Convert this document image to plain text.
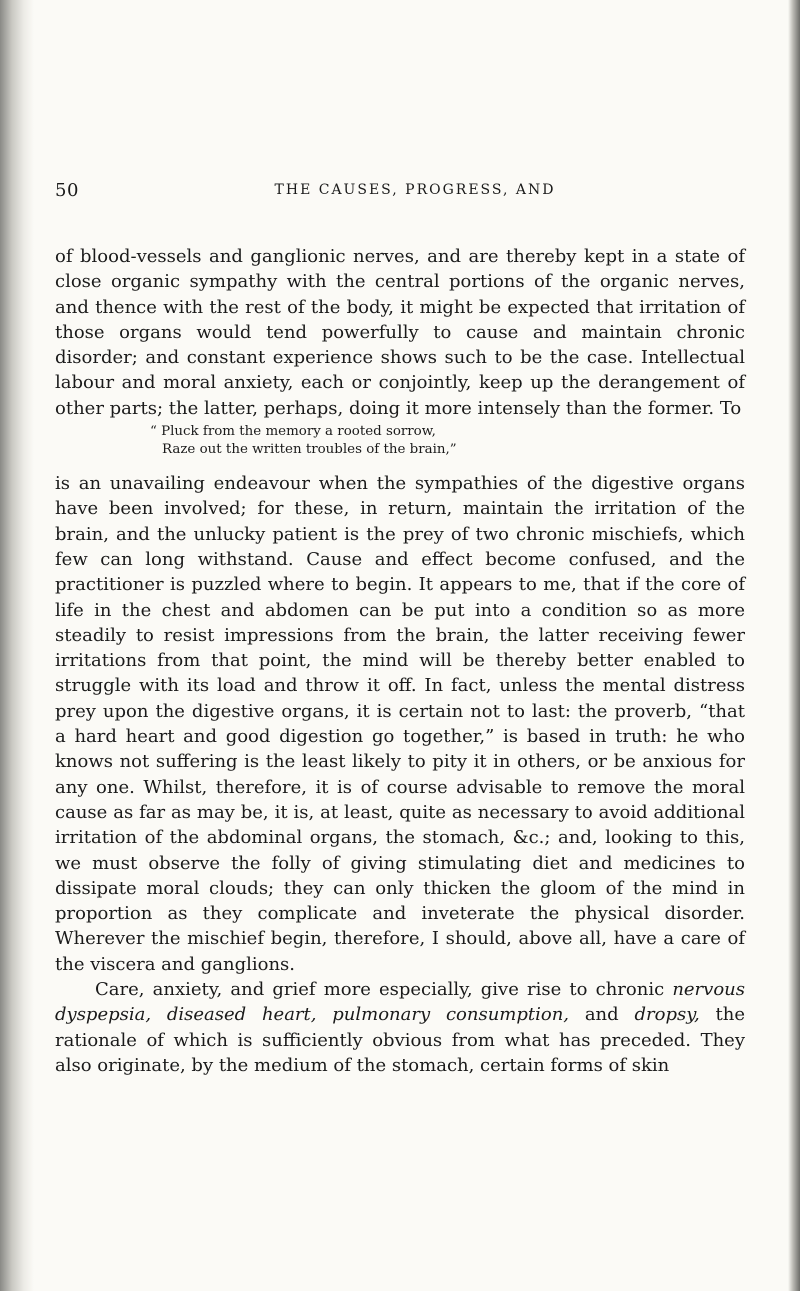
50	THE CAUSES, PROGRESS, AND

of blood-vessels and ganglionic nerves, and are thereby kept in a state of close organic sympathy with the central portions of the organic nerves, and thence with the rest of the body, it might be expected that irritation of those organs would tend powerfully to cause and maintain chronic disorder; and constant experience shows such to be the case. Intellectual labour and moral anxiety, each or conjointly, keep up the derangement of other parts; the latter, perhaps, doing it more intensely than the former. To

“ Pluck from the memory a rooted sorrow,
Raze out the written troubles of the brain,”

is an unavailing endeavour when the sympathies of the digestive organs have been involved; for these, in return, maintain the irritation of the brain, and the unlucky patient is the prey of two chronic mischiefs, which few can long withstand. Cause and effect become confused, and the practitioner is puzzled where to begin. It appears to me, that if the core of life in the chest and abdomen can be put into a condition so as more steadily to resist impressions from the brain, the latter receiving fewer irritations from that point, the mind will be thereby better enabled to struggle with its load and throw it off. In fact, unless the mental distress prey upon the digestive organs, it is certain not to last: the proverb, “that a hard heart and good digestion go together,” is based in truth: he who knows not suffering is the least likely to pity it in others, or be anxious for any one. Whilst, therefore, it is of course advisable to remove the moral cause as far as may be, it is, at least, quite as necessary to avoid additional irritation of the abdominal organs, the stomach, &c.; and, looking to this, we must observe the folly of giving stimulating diet and medicines to dissipate moral clouds; they can only thicken the gloom of the mind in proportion as they complicate and inveterate the physical disorder. Wherever the mischief begin, therefore, I should, above all, have a care of the viscera and ganglions.

Care, anxiety, and grief more especially, give rise to chronic nervous dyspepsia, diseased heart, pulmonary consumption, and dropsy, the rationale of which is sufficiently obvious from what has preceded. They also originate, by the medium of the stomach, certain forms of skin
